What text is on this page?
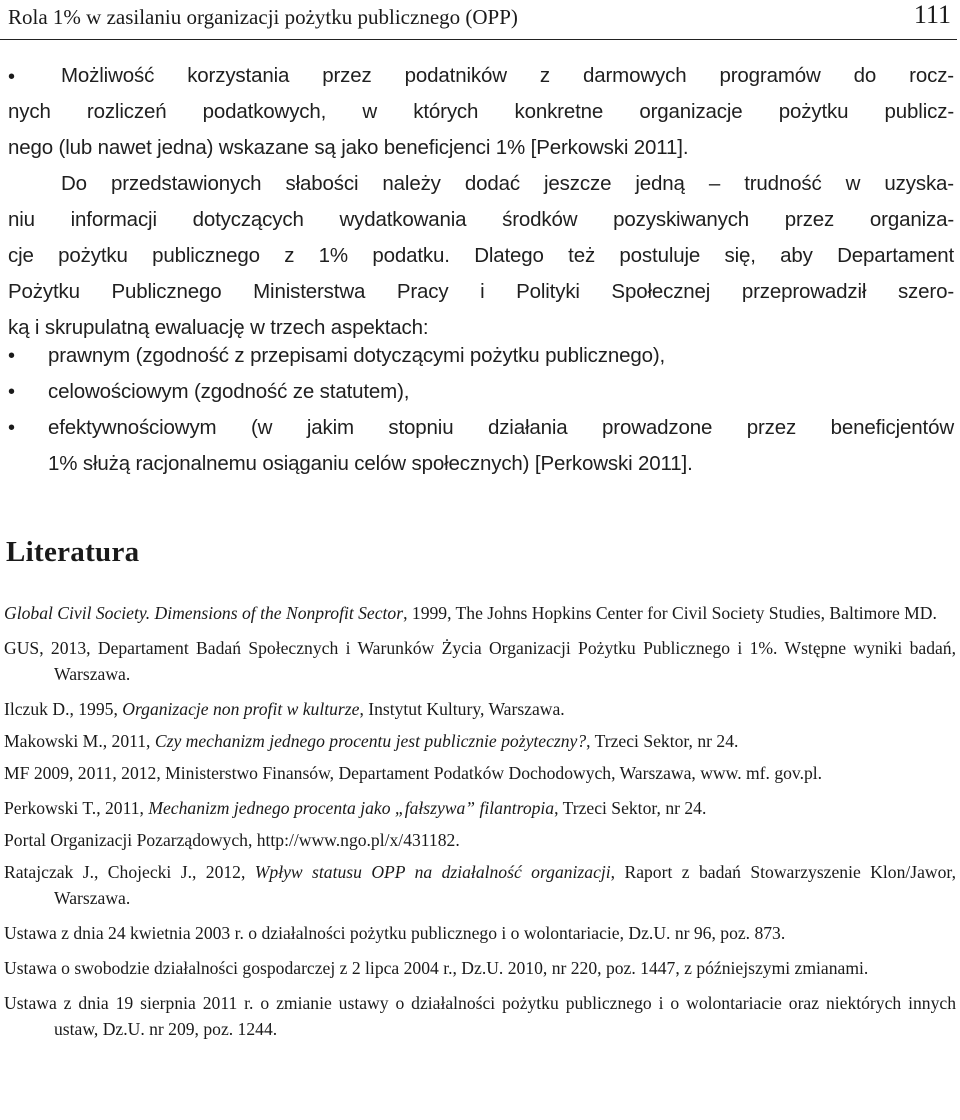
Rola 1% w zasilaniu organizacji pożytku publicznego (OPP)	111
• Możliwość korzystania przez podatników z darmowych programów do rocz-
nych rozliczeń podatkowych, w których konkretne organizacje pożytku publicz-
nego (lub nawet jedna) wskazane są jako beneficjenci 1% [Perkowski 2011].
Do przedstawionych słabości należy dodać jeszcze jedną – trudność w uzyska-
niu informacji dotyczących wydatkowania środków pozyskiwanych przez organiza-
cje pożytku publicznego z 1% podatku. Dlatego też postuluje się, aby Departament
Pożytku Publicznego Ministerstwa Pracy i Polityki Społecznej przeprowadził szero-
ką i skrupulatną ewaluację w trzech aspektach:
• prawnym (zgodność z przepisami dotyczącymi pożytku publicznego),
• celowościowym (zgodność ze statutem),
• efektywnościowym (w jakim stopniu działania prowadzone przez beneficjentów
1% służą racjonalnemu osiąganiu celów społecznych) [Perkowski 2011].
Literatura
Global Civil Society. Dimensions of the Nonprofit Sector, 1999, The Johns Hopkins Center for Civil Society Studies, Baltimore MD.
GUS, 2013, Departament Badań Społecznych i Warunków Życia Organizacji Pożytku Publicznego i 1%. Wstępne wyniki badań, Warszawa.
Ilczuk D., 1995, Organizacje non profit w kulturze, Instytut Kultury, Warszawa.
Makowski M., 2011, Czy mechanizm jednego procentu jest publicznie pożyteczny?, Trzeci Sektor, nr 24.
MF 2009, 2011, 2012, Ministerstwo Finansów, Departament Podatków Dochodowych, Warszawa, www. mf. gov.pl.
Perkowski T., 2011, Mechanizm jednego procenta jako „fałszywa” filantropia, Trzeci Sektor, nr 24.
Portal Organizacji Pozarządowych, http://www.ngo.pl/x/431182.
Ratajczak J., Chojecki J., 2012, Wpływ statusu OPP na działalność organizacji, Raport z badań Stowarzyszenie Klon/Jawor, Warszawa.
Ustawa z dnia 24 kwietnia 2003 r. o działalności pożytku publicznego i o wolontariacie, Dz.U. nr 96, poz. 873.
Ustawa o swobodzie działalności gospodarczej z 2 lipca 2004 r., Dz.U. 2010, nr 220, poz. 1447, z późniejszymi zmianami.
Ustawa z dnia 19 sierpnia 2011 r. o zmianie ustawy o działalności pożytku publicznego i o wolontariacie oraz niektórych innych ustaw, Dz.U. nr 209, poz. 1244.
